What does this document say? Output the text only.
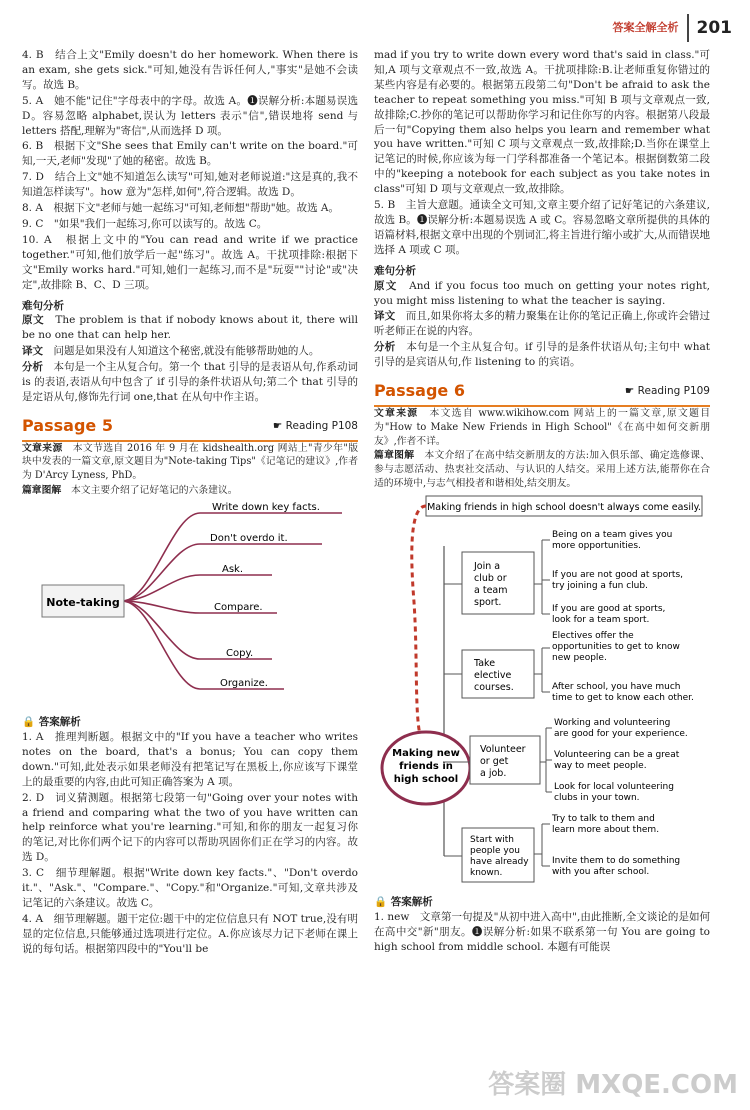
答案全解全析 201

4. B　结合上文"Emily doesn't do her homework. When there is an exam, she gets sick."可知,她没有告诉任何人,"事实"是她不会读写。故选 B。

5. A　她不能"记住"字母表中的字母。故选 A。❶误解分析:本题易误选 D。容易忽略 alphabet,误认为 letters 表示"信",错误地将 send 与 letters 搭配,理解为"寄信",从而选择 D 项。

6. B　根据下文"She sees that Emily can't write on the board."可知,一天,老师"发现"了她的秘密。故选 B。

7. D　结合上文"她不知道怎么读写"可知,她对老师说道:"这是真的,我不知道怎样读写"。how 意为"怎样,如何",符合逻辑。故选 D。

8. A　根据下文"老师与她一起练习"可知,老师想"帮助"她。故选 A。

9. C　"如果"我们一起练习,你可以读写的。故选 C。

10. A　根据上文中的"You can read and write if we practice together."可知,他们放学后一起"练习"。故选 A。干扰项排除:根据下文"Emily works hard."可知,她们一起练习,而不是"玩耍""讨论"或"决定",故排除 B、C、D 三项。

难句分析

原文　 The problem is that if nobody knows about it, there will be no one that can help her.

译文　 问题是如果没有人知道这个秘密,就没有能够帮助她的人。

分析　 本句是一个主从复合句。第一个 that 引导的是表语从句,作系动词 is 的表语,表语从句中包含了 if 引导的条件状语从句;第二个 that 引导的是定语从句,修饰先行词 one,that 在从句中作主语。

Passage 5	☛ Reading P108

文章来源　 本文节选自 2016 年 9 月在 kidshealth.org 网站上"青少年"版块中发表的一篇文章,原文题目为"Note-taking Tips"《记笔记的建议》,作者为 D'Arcy Lyness, PhD。

篇章图解　 本文主要介绍了记好笔记的六条建议。

Note-taking
Write down key facts.
Don't overdo it.
Ask.
Compare.
Copy.
Organize.
🔒 答案解析

1. A　推理判断题。根据文中的"If you have a teacher who writes notes on the board, that's a bonus; You can copy them down."可知,此处表示如果老师没有把笔记写在黑板上,你应该写下课堂上的最重要的内容,由此可知正确答案为 A 项。

2. D　词义猜测题。根据第七段第一句"Going over your notes with a friend and comparing what the two of you have written can help reinforce what you're learning."可知,和你的朋友一起复习你的笔记,对比你们两个记下的内容可以帮助巩固你们正在学习的内容。故选 D。

3. C　细节理解题。根据"Write down key facts."、"Don't overdo it."、"Ask."、"Compare."、"Copy."和"Organize."可知,文章共涉及记笔记的六条建议。故选 C。

4. A　细节理解题。题干定位:题干中的定位信息只有 NOT true,没有明显的定位信息,只能够通过选项进行定位。A.你应该尽力记下老师在课上说的每句话。根据第四段中的"You'll be

mad if you try to write down every word that's said in class."可知,A 项与文章观点不一致,故选 A。干扰项排除:B.让老师重复你错过的某些内容是有必要的。根据第五段第二句"Don't be afraid to ask the teacher to repeat something you miss."可知 B 项与文章观点一致,故排除;C.抄你的笔记可以帮助你学习和记住你写的内容。根据第八段最后一句"Copying them also helps you learn and remember what you have written."可知 C 项与文章观点一致,故排除;D.当你在课堂上记笔记的时候,你应该为每一门学科都准备一个笔记本。根据倒数第二段中的"keeping a notebook for each subject as you take notes in class"可知 D 项与文章观点一致,故排除。

5. B　主旨大意题。通读全文可知,文章主要介绍了记好笔记的六条建议,故选 B。❶误解分析:本题易误选 A 或 C。容易忽略文章所提供的具体的语篇材料,根据文章中出现的个别词汇,将主旨进行缩小或扩大,从而错误地选择 A 项或 C 项。

难句分析

原文　 And if you focus too much on getting your notes right, you might miss listening to what the teacher is saying.

译文　 而且,如果你将太多的精力聚集在让你的笔记正确上,你或许会错过听老师正在说的内容。

分析　 本句是一个主从复合句。if 引导的是条件状语从句;主句中 what 引导的是宾语从句,作 listening to 的宾语。

Passage 6	☛ Reading P109

文章来源　 本文选自 www.wikihow.com 网站上的一篇文章,原文题目为"How to Make New Friends in High School"《在高中如何交新朋友》,作者不详。

篇章图解　 本文介绍了在高中结交新朋友的方法:加入俱乐部、确定选修课、参与志愿活动、热衷社交活动、与认识的人结交。采用上述方法,能帮你在合适的环境中,与志气相投者和谐相处,结交朋友。

Making friends in high school doesn't always come easily.
Making new
friends in
high school
Join a
club or
a team
sport.
Being on a team gives you
more opportunities.
If you are not good at sports,
try joining a fun club.
If you are good at sports,
look for a team sport.
Take
elective
courses.
Electives offer the
opportunities to get to know
new people.
After school, you have much
time to get to know each other.
Volunteer
or get
a job.
Working and volunteering
are good for your experience.
Volunteering can be a great
way to meet people.
Look for local volunteering
clubs in your town.
Start with
people you
have already
known.
Try to talk to them and
learn more about them.
Invite them to do something
with you after school.
🔒 答案解析

1. new　文章第一句提及"从初中进入高中",由此推断,全文谈论的是如何在高中交"新"朋友。❶误解分析:如果不联系第一句 You are going to high school from middle school. 本题有可能误

答案圈 MXQE.COM
